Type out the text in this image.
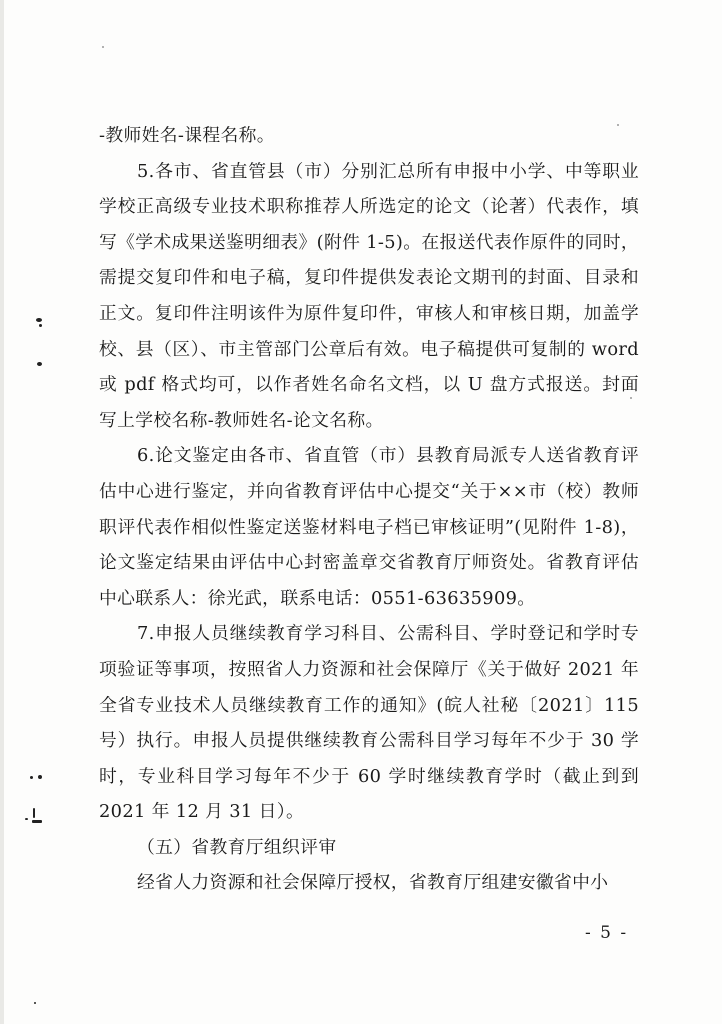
-教师姓名-课程名称。

5.各市、省直管县（市）分别汇总所有申报中小学、中等职业学校正高级专业技术职称推荐人所选定的论文（论著）代表作，填写《学术成果送鉴明细表》(附件 1-5)。在报送代表作原件的同时，需提交复印件和电子稿，复印件提供发表论文期刊的封面、目录和正文。复印件注明该件为原件复印件，审核人和审核日期，加盖学校、县（区）、市主管部门公章后有效。电子稿提供可复制的 word 或 pdf 格式均可，以作者姓名命名文档，以 U 盘方式报送。封面写上学校名称-教师姓名-论文名称。

6.论文鉴定由各市、省直管（市）县教育局派专人送省教育评估中心进行鉴定，并向省教育评估中心提交“关于××市（校）教师职评代表作相似性鉴定送鉴材料电子档已审核证明”(见附件 1-8)，论文鉴定结果由评估中心封密盖章交省教育厅师资处。省教育评估中心联系人：徐光武，联系电话：0551-63635909。

7.申报人员继续教育学习科目、公需科目、学时登记和学时专项验证等事项，按照省人力资源和社会保障厅《关于做好 2021 年全省专业技术人员继续教育工作的通知》(皖人社秘〔2021〕115 号）执行。申报人员提供继续教育公需科目学习每年不少于 30 学时，专业科目学习每年不少于 60 学时继续教育学时（截止到到 2021 年 12 月 31 日）。

（五）省教育厅组织评审

经省人力资源和社会保障厅授权，省教育厅组建安徽省中小

- 5 -
